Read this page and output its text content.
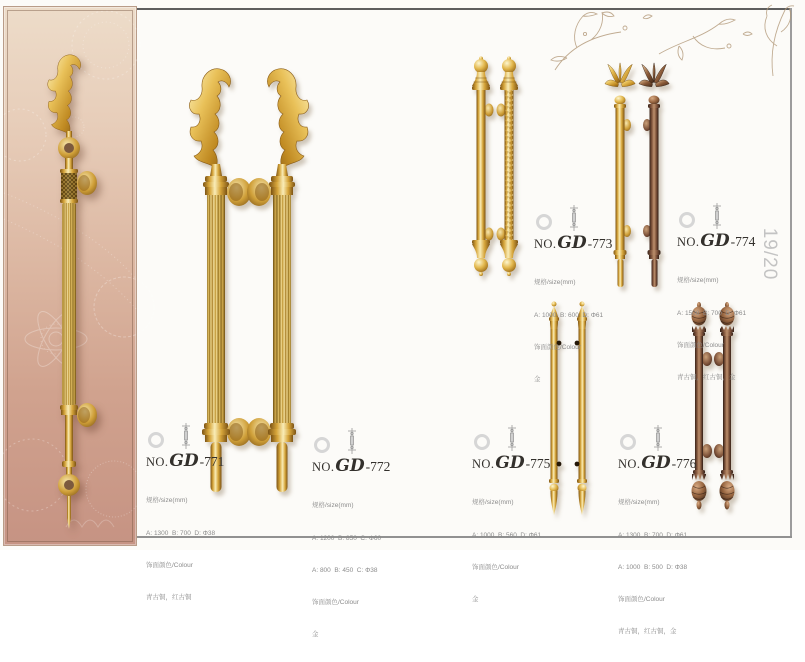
NO. GD -771

规格/size(mm)

A: 1300  B: 700  D: Φ38

饰面颜色/Colour

青古铜，红古铜

NO. GD -772

规格/size(mm)

A: 1200  B: 850  C: Φ60

A: 800  B: 450  C: Φ38

饰面颜色/Colour

金

NO. GD -773

规格/size(mm)

A: 1000  B: 600  D: Φ61

饰面颜色/Colour

金

NO. GD -774

规格/size(mm)

A: 1500  B: 700  D: Φ61

饰面颜色/Colour

青古铜，红古铜，金

NO. GD -775

规格/size(mm)

A: 1000  B: 560  D: Φ61

饰面颜色/Colour

金

NO. GD -776

规格/size(mm)

A: 1300  B: 700  D: Φ61

A: 1000  B: 500  D: Φ38

饰面颜色/Colour

青古铜，红古铜，金

19/20
